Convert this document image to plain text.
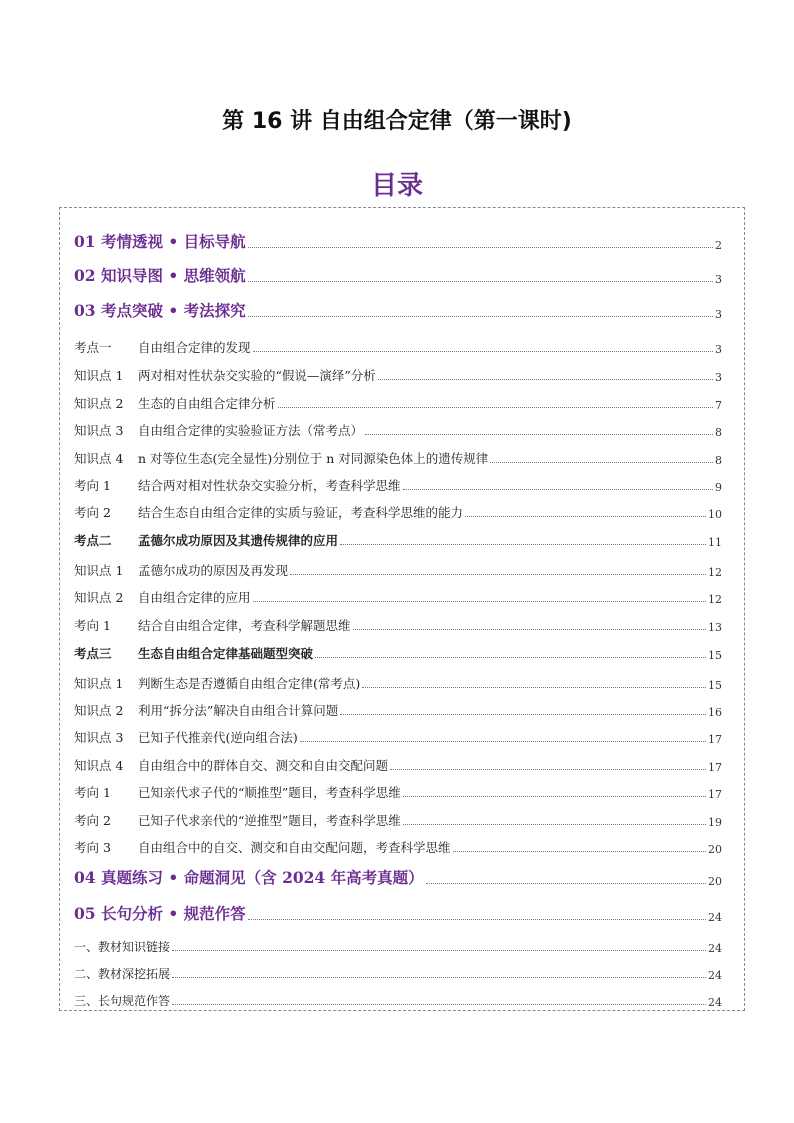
第 16 讲 自由组合定律（第一课时)
目录
01 考情透视 • 目标导航	2
02 知识导图 • 思维领航	3
03 考点突破 • 考法探究	3
考点一 自由组合定律的发现	3
知识点 1 两对相对性状杂交实验的“假说—演绎”分析	3
知识点 2 生态的自由组合定律分析	7
知识点 3 自由组合定律的实验验证方法（常考点）	8
知识点 4 n 对等位生态(完全显性)分别位于 n 对同源染色体上的遗传规律	8
考向 1 结合两对相对性状杂交实验分析，考查科学思维	9
考向 2 结合生态自由组合定律的实质与验证，考查科学思维的能力	10
考点二 孟德尔成功原因及其遗传规律的应用	11
知识点 1 孟德尔成功的原因及再发现	12
知识点 2 自由组合定律的应用	12
考向 1 结合自由组合定律，考查科学解题思维	13
考点三 生态自由组合定律基础题型突破	15
知识点 1 判断生态是否遵循自由组合定律(常考点)	15
知识点 2 利用“拆分法”解决自由组合计算问题	16
知识点 3 已知子代推亲代(逆向组合法)	17
知识点 4 自由组合中的群体自交、测交和自由交配问题	17
考向 1 已知亲代求子代的“顺推型”题目，考查科学思维	17
考向 2 已知子代求亲代的“逆推型”题目，考查科学思维	19
考向 3 自由组合中的自交、测交和自由交配问题，考查科学思维	20
04 真题练习 • 命题洞见（含 2024 年高考真题）	20
05 长句分析 • 规范作答	24
一、教材知识链接	24
二、教材深挖拓展	24
三、长句规范作答	24
